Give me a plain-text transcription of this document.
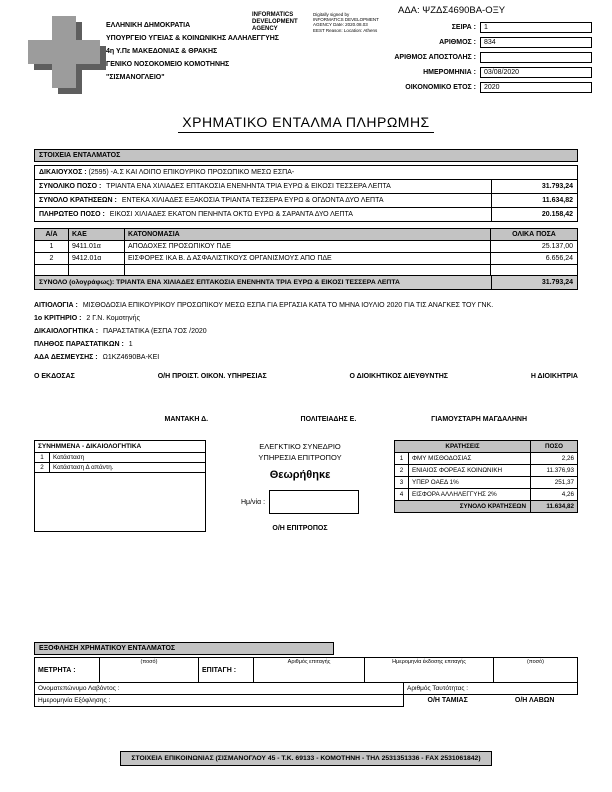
ΕΛΛΗΝΙΚΗ ΔΗΜΟΚΡΑΤΙΑ
ΥΠΟΥΡΓΕΙΟ ΥΓΕΙΑΣ & ΚΟΙΝΩΝΙΚΗΣ ΑΛΛΗΛΕΓΓΥΗΣ
4η Υ.Πε ΜΑΚΕΔΟΝΙΑΣ & ΘΡΑΚΗΣ
ΓΕΝΙΚΟ ΝΟΣΟΚΟΜΕΙΟ ΚΟΜΟΤΗΝΗΣ
"ΣΙΣΜΑΝΟΓΛΕΙΟ"
INFORMATICS DEVELOPMENT AGENCY
Digitally signed by INFORMATICS DEVELOPMENT AGENCY Date: 2020.08.03 EEST Reason: Location: Athens
ΑΔΑ: ΨΖΔΣ4690ΒΑ-ΟΞΥ
ΣΕΙΡΑ :	1
ΑΡΙΘΜΟΣ :	834
ΑΡΙΘΜΟΣ ΑΠΟΣΤΟΛΗΣ :
ΗΜΕΡΟΜΗΝΙΑ :	03/08/2020
ΟΙΚΟΝΟΜΙΚΟ ΕΤΟΣ :	2020
ΧΡΗΜΑΤΙΚΟ ΕΝΤΑΛΜΑ ΠΛΗΡΩΜΗΣ
ΣΤΟΙΧΕΙΑ ΕΝΤΑΛΜΑΤΟΣ
ΔΙΚΑΙΟΥΧΟΣ : (2595) -Α.Σ ΚΑΙ ΛΟΙΠΟ ΕΠΙΚΟΥΡΙΚΟ ΠΡΟΣΩΠΙΚΟ ΜΕΣΩ ΕΣΠΑ-
ΣΥΝΟΛΙΚΟ ΠΟΣΟ : ΤΡΙΑΝΤΑ ΕΝΑ ΧΙΛΙΑΔΕΣ ΕΠΤΑΚΟΣΙΑ ΕΝΕΝΗΝΤΑ ΤΡΙΑ ΕΥΡΩ & ΕΙΚΟΣΙ ΤΕΣΣΕΡΑ ΛΕΠΤΑ	31.793,24
ΣΥΝΟΛΟ ΚΡΑΤΗΣΕΩΝ : ΕΝΤΕΚΑ ΧΙΛΙΑΔΕΣ ΕΞΑΚΟΣΙΑ ΤΡΙΑΝΤΑ ΤΕΣΣΕΡΑ ΕΥΡΩ & ΟΓΔΟΝΤΑ ΔΥΟ ΛΕΠΤΑ	11.634,82
ΠΛΗΡΩΤΕΟ ΠΟΣΟ : ΕΙΚΟΣΙ ΧΙΛΙΑΔΕΣ ΕΚΑΤΟΝ ΠΕΝΗΝΤΑ ΟΚΤΩ ΕΥΡΩ & ΣΑΡΑΝΤΑ ΔΥΟ ΛΕΠΤΑ	20.158,42
Α/Α	ΚΑΕ	ΚΑΤΟΝΟΜΑΣΙΑ	ΟΛΙΚΑ ΠΟΣΑ
1	9411.01α	ΑΠΟΔΟΧΕΣ ΠΡΟΣΩΠΙΚΟΥ ΠΔΕ	25.137,00
2	9412.01α	ΕΙΣΦΟΡΕΣ ΙΚΑ Β. Δ ΑΣΦΑΛΙΣΤΙΚΟΥΣ ΟΡΓΑΝΙΣΜΟΥΣ ΑΠΟ ΠΔΕ	6.656,24
ΣΥΝΟΛΟ (ολογράφως): ΤΡΙΑΝΤΑ ΕΝΑ ΧΙΛΙΑΔΕΣ ΕΠΤΑΚΟΣΙΑ ΕΝΕΝΗΝΤΑ ΤΡΙΑ ΕΥΡΩ & ΕΙΚΟΣΙ ΤΕΣΣΕΡΑ ΛΕΠΤΑ	31.793,24
ΑΙΤΙΟΛΟΓΙΑ : ΜΙΣΘΟΔΟΣΙΑ ΕΠΙΚΟΥΡΙΚΟΥ ΠΡΟΣΩΠΙΚΟΥ ΜΕΣΩ ΕΣΠΑ ΓΙΑ ΕΡΓΑΣΙΑ ΚΑΤΑ ΤΟ ΜΗΝΑ ΙΟΥΛΙΟ 2020 ΓΙΑ ΤΙΣ ΑΝΑΓΚΕΣ ΤΟΥ ΓΝΚ.
1ο ΚΡΙΤΗΡΙΟ : 2 Γ.Ν. Κομοτηνής
ΔΙΚΑΙΟΛΟΓΗΤΙΚΑ : ΠΑΡΑΣΤΑΤΙΚΑ (ΕΣΠΑ 7ΟΣ /2020
ΠΛΗΘΟΣ ΠΑΡΑΣΤΑΤΙΚΩΝ : 1
ΑΔΑ ΔΕΣΜΕΥΣΗΣ : Ω1ΚΖ4690ΒΑ-ΚΕΙ
Ο ΕΚΔΟΣΑΣ	Ο/Η ΠΡΟΙΣΤ. ΟΙΚΟΝ. ΥΠΗΡΕΣΙΑΣ	Ο ΔΙΟΙΚΗΤΙΚΟΣ ΔΙΕΥΘΥΝΤΗΣ	Η ΔΙΟΙΚΗΤΡΙΑ
ΜΑΝΤΑΚΗ Δ.	ΠΟΛΙΤΕΙΑΔΗΣ Ε.	ΓΙΑΜΟΥΣΤΑΡΗ ΜΑΓΔΑΛΗΝΗ
ΣΥΝΗΜΜΕΝΑ - ΔΙΚΑΙΟΛΟΓΗΤΙΚΑ
1	Κατάσταση
2	Κατάσταση Δ απάντη.
ΕΛΕΓΚΤΙΚΟ ΣΥΝΕΔΡΙΟ
ΥΠΗΡΕΣΙΑ ΕΠΙΤΡΟΠΟΥ
Θεωρήθηκε
Ημ/νία :
Ο/Η ΕΠΙΤΡΟΠΟΣ
ΚΡΑΤΗΣΕΙΣ	ΠΟΣΟ
1	ΦΜΥ ΜΙΣΘΟΔΟΣΙΑΣ	2,26
2	ΕΝΙΑΙΟΣ ΦΟΡΕΑΣ ΚΟΙΝΩΝΙΚΗ	11.376,93
3	ΥΠΕΡ ΟΑΕΔ 1%	251,37
4	ΕΙΣΦΟΡΑ ΑΛΛΗΛΕΓΓΥΗΣ 2%	4,26
ΣΥΝΟΛΟ ΚΡΑΤΗΣΕΩΝ	11.634,82
ΕΞΟΦΛΗΣΗ ΧΡΗΜΑΤΙΚΟΥ ΕΝΤΑΛΜΑΤΟΣ
ΜΕΤΡΗΤΑ :
(ποσό)
ΕΠΙΤΑΓΗ :
Αριθμός επιταγής	Ημερομηνία έκδοσης επιταγής	(ποσό)
Ονοματεπώνυμο Λαβόντος :	Αριθμός Ταυτότητας :
Ημερομηνία Εξόφλησης :	Ο/Η ΤΑΜΙΑΣ	Ο/Η ΛΑΒΩΝ
ΣΤΟΙΧΕΙΑ ΕΠΙΚΟΙΝΩΝΙΑΣ (ΣΙΣΜΑΝΟΓΛΟΥ 45 - Τ.Κ. 69133 - ΚΟΜΟΤΗΝΗ - ΤΗΛ 2531351336 - FAX 2531061842)
